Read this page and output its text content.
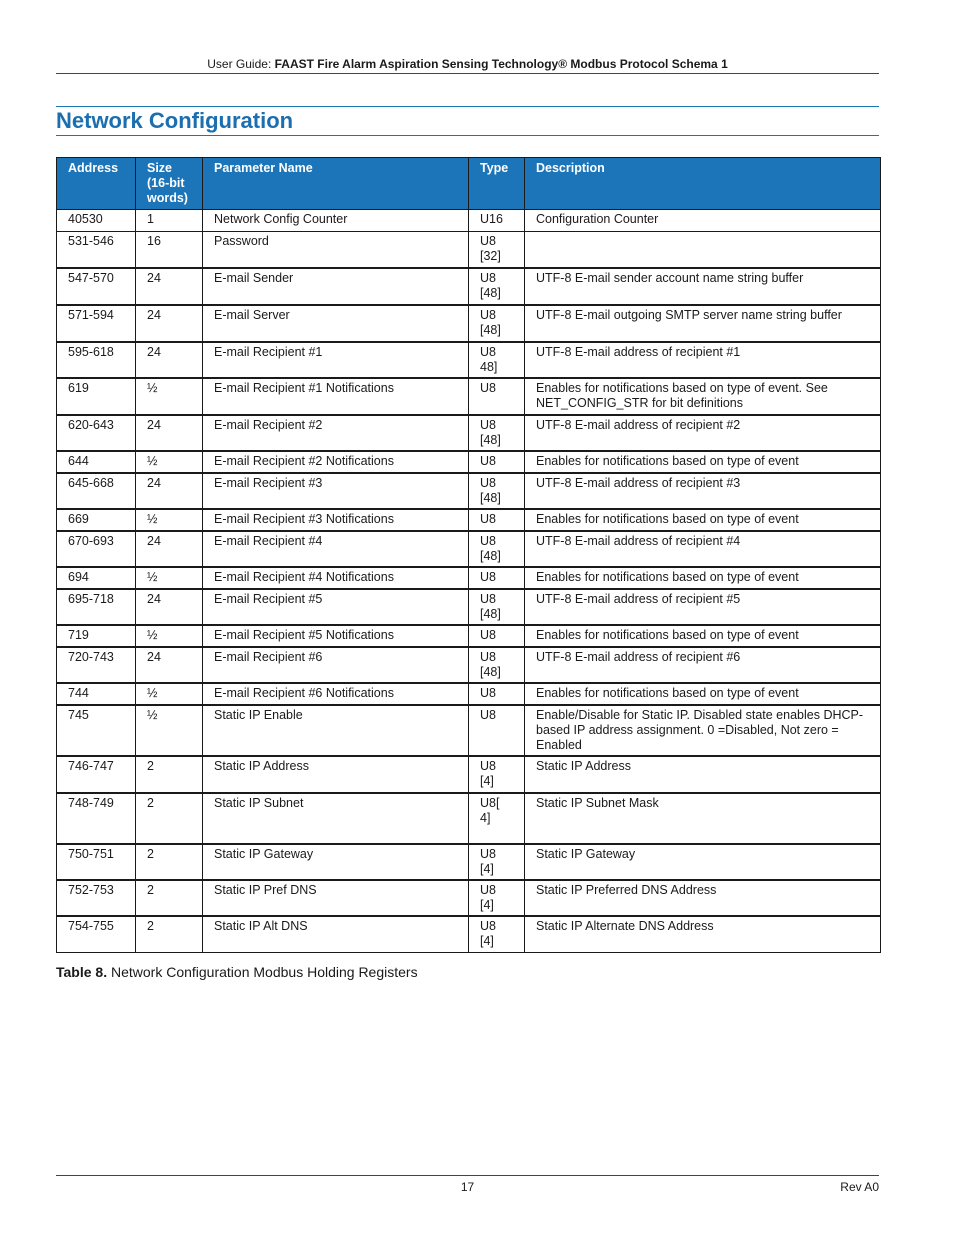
User Guide: FAAST Fire Alarm Aspiration Sensing Technology® Modbus Protocol Schema 1
Network Configuration
Address	Size (16-bit words)	Parameter Name	Type	Description
40530	1	Network Config Counter	U16	Configuration Counter
531-546	16	Password	U8 [32]	
547-570	24	E-mail Sender	U8 [48]	UTF-8 E-mail sender account name string buffer
571-594	24	E-mail Server	U8 [48]	UTF-8 E-mail outgoing SMTP server name string buffer
595-618	24	E-mail Recipient #1	U8 48]	UTF-8 E-mail address of recipient #1
619	½	E-mail Recipient #1 Notifications	U8	Enables for notifications based on type of event. See NET_CONFIG_STR for bit definitions
620-643	24	E-mail Recipient #2	U8 [48]	UTF-8 E-mail address of recipient #2
644	½	E-mail Recipient #2 Notifications	U8	Enables for notifications based on type of event
645-668	24	E-mail Recipient #3	U8 [48]	UTF-8 E-mail address of recipient #3
669	½	E-mail Recipient #3 Notifications	U8	Enables for notifications based on type of event
670-693	24	E-mail Recipient #4	U8 [48]	UTF-8 E-mail address of recipient #4
694	½	E-mail Recipient #4 Notifications	U8	Enables for notifications based on type of event
695-718	24	E-mail Recipient #5	U8 [48]	UTF-8 E-mail address of recipient #5
719	½	E-mail Recipient #5 Notifications	U8	Enables for notifications based on type of event
720-743	24	E-mail Recipient #6	U8 [48]	UTF-8 E-mail address of recipient #6
744	½	E-mail Recipient #6 Notifications	U8	Enables for notifications based on type of event
745	½	Static IP Enable	U8	Enable/Disable for Static IP. Disabled state enables DHCP-based IP address assignment. 0 =Disabled, Not zero = Enabled
746-747	2	Static IP Address	U8 [4]	Static IP Address
748-749	2	Static IP Subnet	U8[ 4]	Static IP Subnet Mask
750-751	2	Static IP Gateway	U8 [4]	Static IP Gateway
752-753	2	Static IP Pref DNS	U8 [4]	Static IP Preferred DNS Address
754-755	2	Static IP Alt DNS	U8 [4]	Static IP Alternate DNS Address
Table 8. Network Configuration Modbus Holding Registers
17	Rev A0
